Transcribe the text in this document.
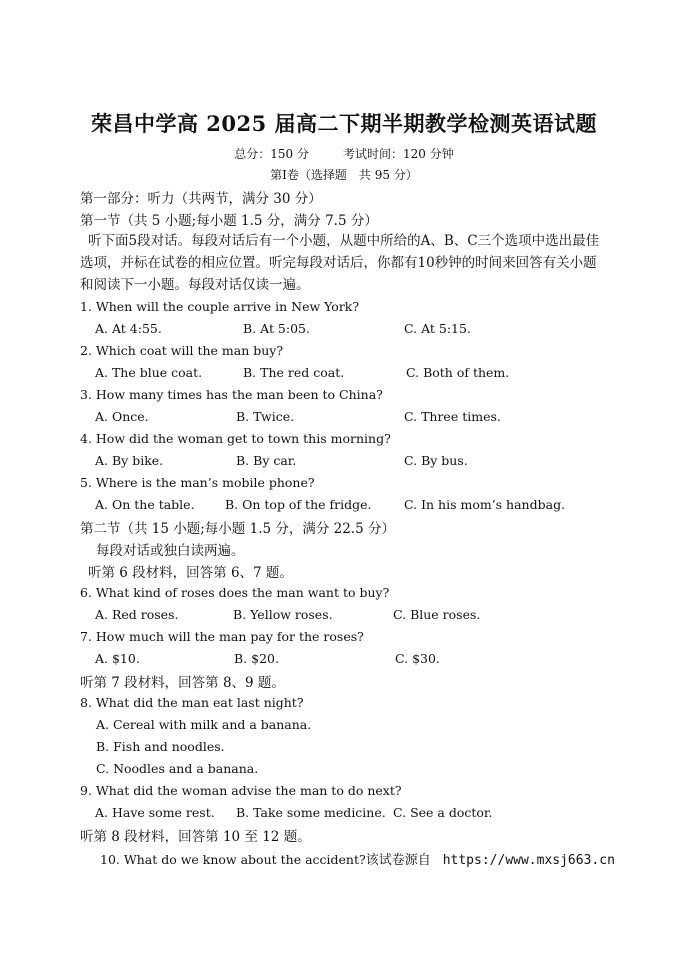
荣昌中学高 2025 届高二下期半期教学检测英语试题
总分：150 分	考试时间：120 分钟
第Ⅰ卷（选择题　共 95 分）
第一部分：听力（共两节，满分 30 分）
第一节（共 5 小题;每小题 1.5 分，满分 7.5 分）
听下面5段对话。每段对话后有一个小题，从题中所给的A、B、C三个选项中选出最佳选项，并标在试卷的相应位置。听完每段对话后，你都有10秒钟的时间来回答有关小题和阅读下一小题。每段对话仅读一遍。
1. When will the couple arrive in New York?
A. At 4:55.	B. At 5:05.	C. At 5:15.
2. Which coat will the man buy?
A. The blue coat.	B. The red coat.	C. Both of them.
3. How many times has the man been to China?
A. Once.	B. Twice.	C. Three times.
4. How did the woman get to town this morning?
A. By bike.	B. By car.	C. By bus.
5. Where is the man’s mobile phone?
A. On the table. B. On top of the fridge.	C. In his mom’s handbag.
第二节（共 15 小题;每小题 1.5 分，满分 22.5 分）
每段对话或独白读两遍。
听第 6 段材料，回答第 6、7 题。
6. What kind of roses does the man want to buy?
A. Red roses.	B. Yellow roses.	C. Blue roses.
7. How much will the man pay for the roses?
A. $10.	B. $20.	C. $30.
听第 7 段材料，回答第 8、9 题。
8. What did the man eat last night?
A. Cereal with milk and a banana.
B. Fish and noodles.
C. Noodles and a banana.
9. What did the woman advise the man to do next?
A. Have some rest. B. Take some medicine. C. See a doctor.
听第 8 段材料，回答第 10 至 12 题。
10. What do we know about the accident?该试卷源自 https://www.mxsj663.cn
